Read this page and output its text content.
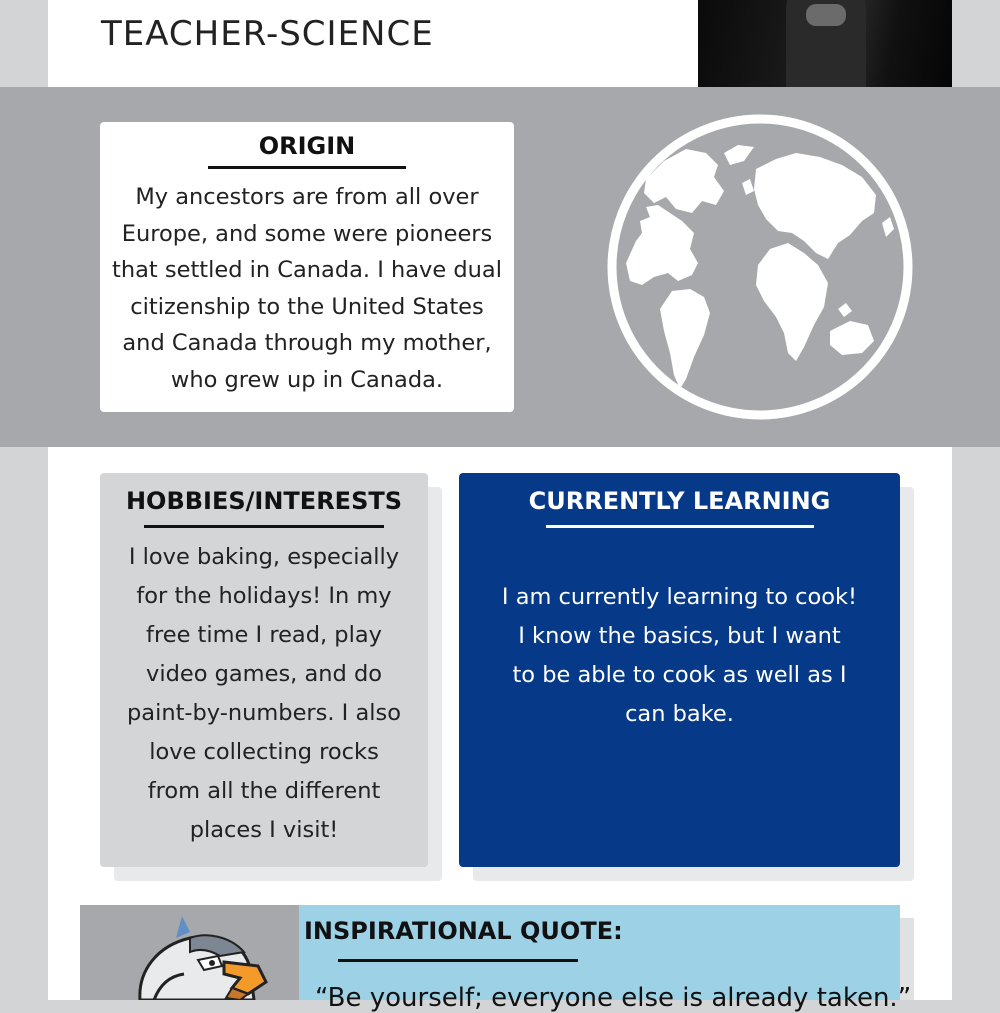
TEACHER-SCIENCE
ORIGIN
My ancestors are from all over
Europe, and some were pioneers
that settled in Canada. I have dual
citizenship to the United States
and Canada through my mother,
who grew up in Canada.
HOBBIES/INTERESTS
I love baking, especially
for the holidays! In my
free time I read, play
video games, and do
paint-by-numbers. I also
love collecting rocks
from all the different
places I visit!
CURRENTLY LEARNING
I am currently learning to cook!
I know the basics, but I want
to be able to cook as well as I
can bake.
INSPIRATIONAL QUOTE:
“Be yourself; everyone else is already taken.”
